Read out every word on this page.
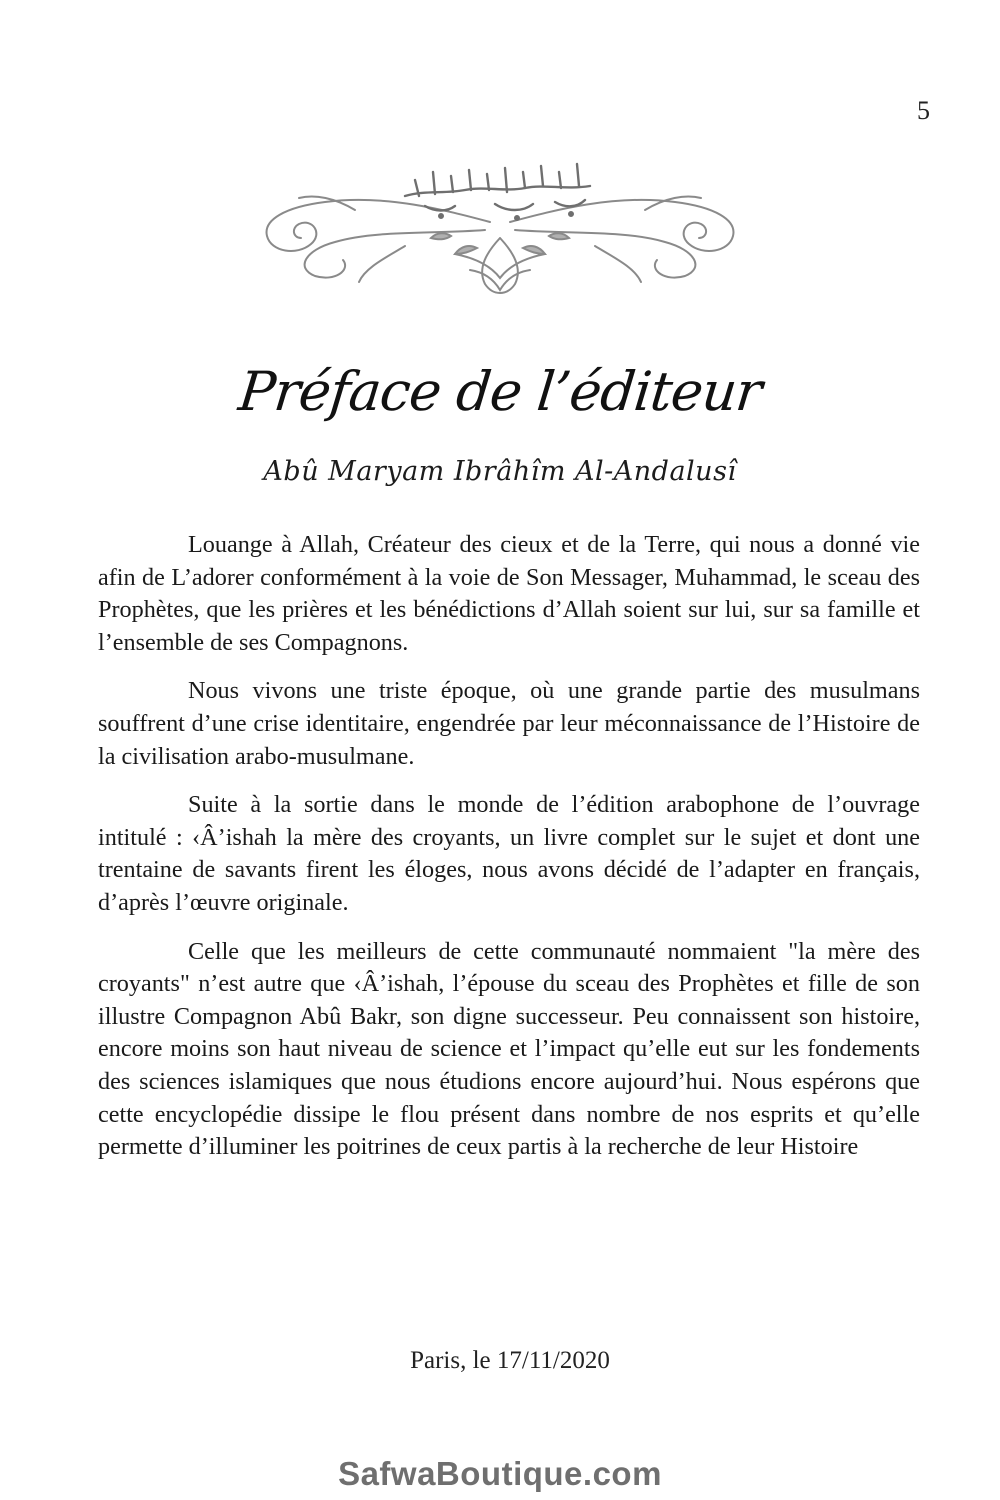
5
Préface de l’éditeur
Abû Maryam Ibrâhîm Al-Andalusî

Louange à Allah, Créateur des cieux et de la Terre, qui nous a donné vie afin de L’adorer conformément à la voie de Son Messager, Muhammad, le sceau des Prophètes, que les prières et les bénédictions d’Allah soient sur lui, sur sa famille et l’ensemble de ses Compagnons.

Nous vivons une triste époque, où une grande partie des musulmans souffrent d’une crise identitaire, engendrée par leur méconnaissance de l’Histoire de la civilisation arabo-musulmane.

Suite à la sortie dans le monde de l’édition arabophone de l’ouvrage intitulé : ‹Â’ishah la mère des croyants, un livre complet sur le sujet et dont une trentaine de savants firent les éloges, nous avons décidé de l’adapter en français, d’après l’œuvre originale.

Celle que les meilleurs de cette communauté nommaient "la mère des croyants" n’est autre que ‹Â’ishah, l’épouse du sceau des Prophètes et fille de son illustre Compagnon Abû Bakr, son digne successeur. Peu connaissent son histoire, encore moins son haut niveau de science et l’impact qu’elle eut sur les fondements des sciences islamiques que nous étudions encore aujourd’hui. Nous espérons que cette encyclopédie dissipe le flou présent dans nombre de nos esprits et qu’elle permette d’illuminer les poitrines de ceux partis à la recherche de leur Histoire

Paris, le 17/11/2020
SafwaBoutique.com
